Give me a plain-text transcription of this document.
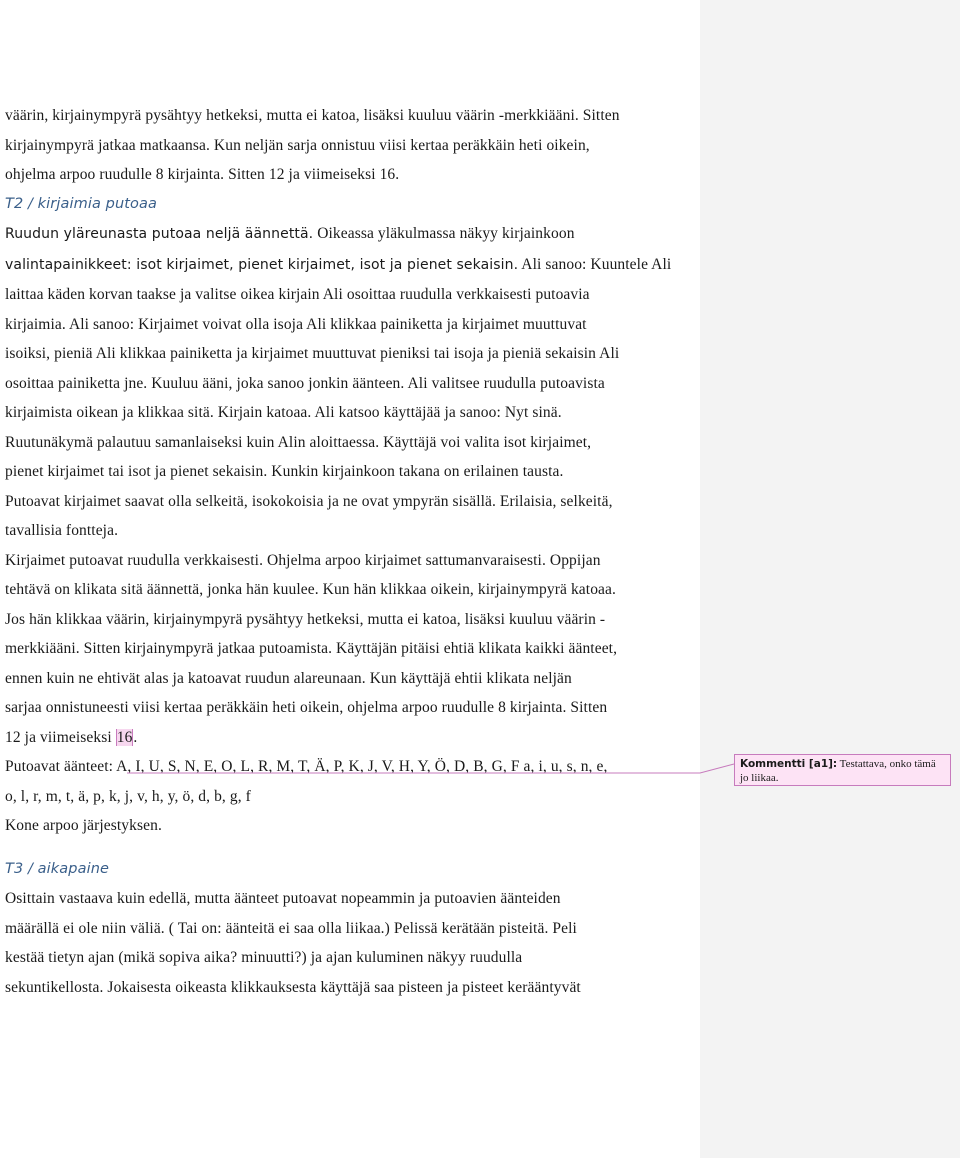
väärin, kirjainympyrä pysähtyy hetkeksi, mutta ei katoa, lisäksi kuuluu väärin -merkkiääni. Sitten

kirjainympyrä jatkaa matkaansa. Kun neljän sarja onnistuu viisi kertaa peräkkäin heti oikein,

ohjelma arpoo ruudulle 8 kirjainta. Sitten 12 ja viimeiseksi 16.

T2 / kirjaimia putoaa

Ruudun yläreunasta putoaa neljä äännettä. Oikeassa yläkulmassa näkyy kirjainkoon

valintapainikkeet: isot kirjaimet, pienet kirjaimet, isot ja pienet sekaisin. Ali sanoo: Kuuntele Ali

laittaa käden korvan taakse ja valitse oikea kirjain Ali osoittaa ruudulla verkkaisesti putoavia

kirjaimia. Ali sanoo: Kirjaimet voivat olla isoja Ali klikkaa painiketta ja kirjaimet muuttuvat

isoiksi, pieniä Ali klikkaa painiketta ja kirjaimet muuttuvat pieniksi tai isoja ja pieniä sekaisin Ali

osoittaa painiketta jne. Kuuluu ääni, joka sanoo jonkin äänteen. Ali valitsee ruudulla putoavista

kirjaimista oikean ja klikkaa sitä. Kirjain katoaa. Ali katsoo käyttäjää ja sanoo: Nyt sinä.

Ruutunäkymä palautuu samanlaiseksi kuin Alin aloittaessa. Käyttäjä voi valita isot kirjaimet,

pienet kirjaimet tai isot ja pienet sekaisin. Kunkin kirjainkoon takana on erilainen tausta.

Putoavat kirjaimet saavat olla selkeitä, isokokoisia ja ne ovat ympyrän sisällä. Erilaisia, selkeitä,

tavallisia fontteja.

Kirjaimet putoavat ruudulla verkkaisesti. Ohjelma arpoo kirjaimet sattumanvaraisesti. Oppijan

tehtävä on klikata sitä äännettä, jonka hän kuulee. Kun hän klikkaa oikein, kirjainympyrä katoaa.

Jos hän klikkaa väärin, kirjainympyrä pysähtyy hetkeksi, mutta ei katoa, lisäksi kuuluu väärin -

merkkiääni. Sitten kirjainympyrä jatkaa putoamista. Käyttäjän pitäisi ehtiä klikata kaikki äänteet,

ennen kuin ne ehtivät alas ja katoavat ruudun alareunaan. Kun käyttäjä ehtii klikata neljän

sarjaa onnistuneesti viisi kertaa peräkkäin heti oikein, ohjelma arpoo ruudulle 8 kirjainta. Sitten

12 ja viimeiseksi 16.

Putoavat äänteet: A, I, U, S, N, E, O, L, R, M, T, Ä, P, K, J, V, H, Y, Ö, D, B, G, F a, i, u, s, n, e,

o, l, r, m, t, ä, p, k, j, v, h, y, ö, d, b, g, f

Kone arpoo järjestyksen.

T3 / aikapaine

Osittain vastaava kuin edellä, mutta äänteet putoavat nopeammin ja putoavien äänteiden

määrällä ei ole niin väliä. ( Tai on: äänteitä ei saa olla liikaa.) Pelissä kerätään pisteitä. Peli

kestää tietyn ajan (mikä sopiva aika? minuutti?) ja ajan kuluminen näkyy ruudulla

sekuntikellosta. Jokaisesta oikeasta klikkauksesta käyttäjä saa pisteen ja pisteet kerääntyvät

Kommentti [a1]: Testattava, onko tämä jo liikaa.
